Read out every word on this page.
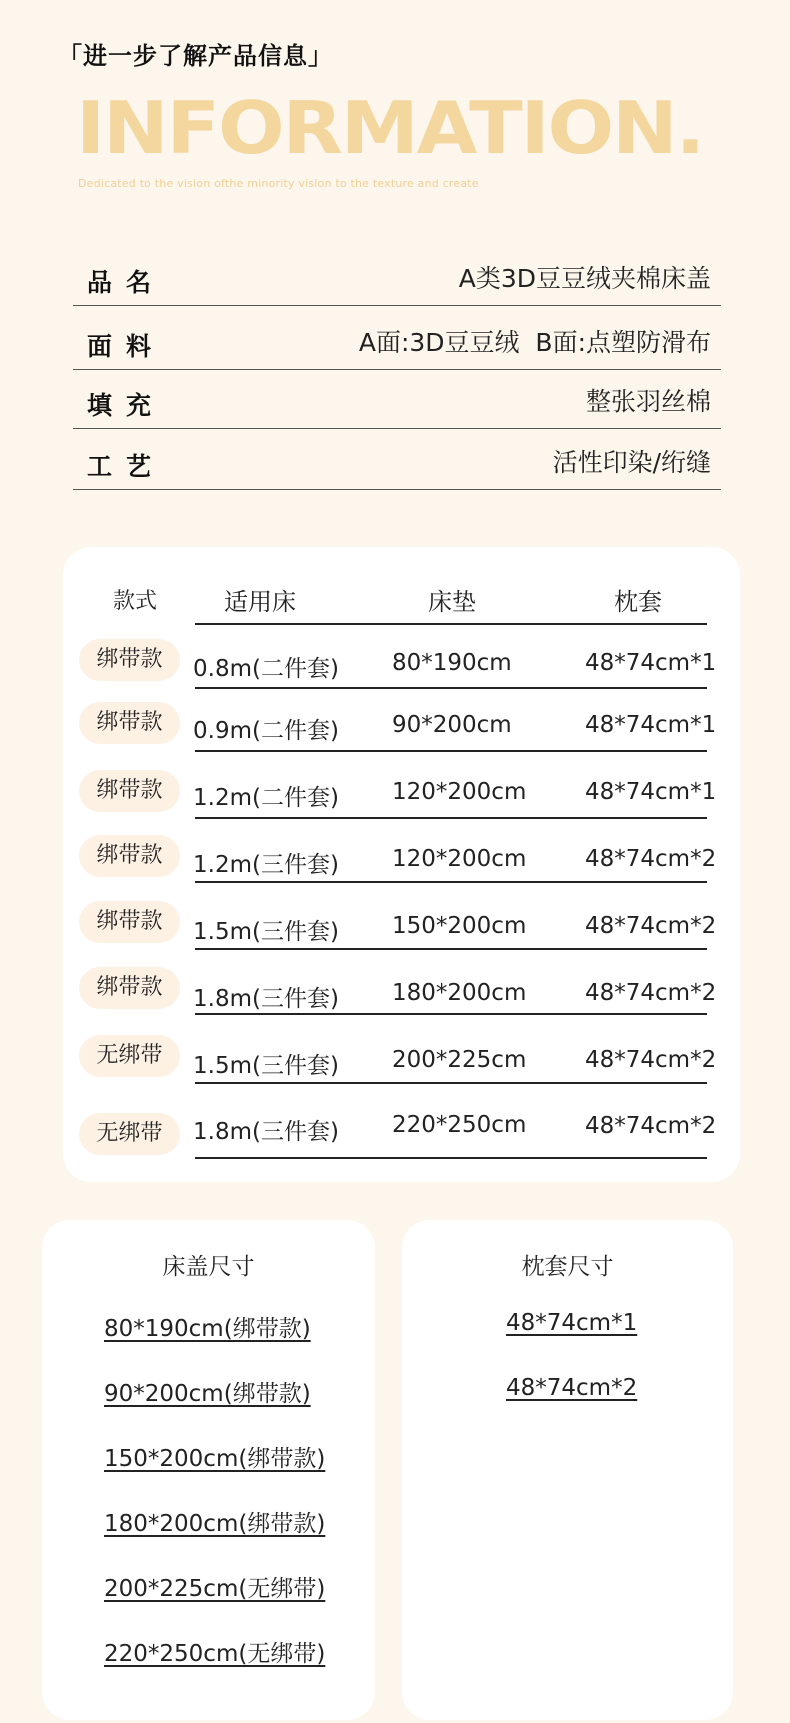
「进一步了解产品信息」
INFORMATION.
Dedicated to the vision ofthe minority vision to the texture and create
品名	A类3D豆豆绒夹棉床盖
面料	A面:3D豆豆绒  B面:点塑防滑布
填充	整张羽丝棉
工艺	活性印染/绗缝
款式	适用床	床垫	枕套
绑带款	0.8m(二件套) 80*190cm	48*74cm*1
绑带款	0.9m(二件套) 90*200cm	48*74cm*1
绑带款	1.2m(二件套) 120*200cm	48*74cm*1
绑带款	1.2m(三件套) 120*200cm	48*74cm*2
绑带款	1.5m(三件套) 150*200cm	48*74cm*2
绑带款	1.8m(三件套) 180*200cm	48*74cm*2
无绑带	1.5m(三件套) 200*225cm	48*74cm*2
无绑带	1.8m(三件套) 220*250cm	48*74cm*2
床盖尺寸
80*190cm(绑带款)
90*200cm(绑带款)
150*200cm(绑带款)
180*200cm(绑带款)
200*225cm(无绑带)
220*250cm(无绑带)
枕套尺寸
48*74cm*1
48*74cm*2
